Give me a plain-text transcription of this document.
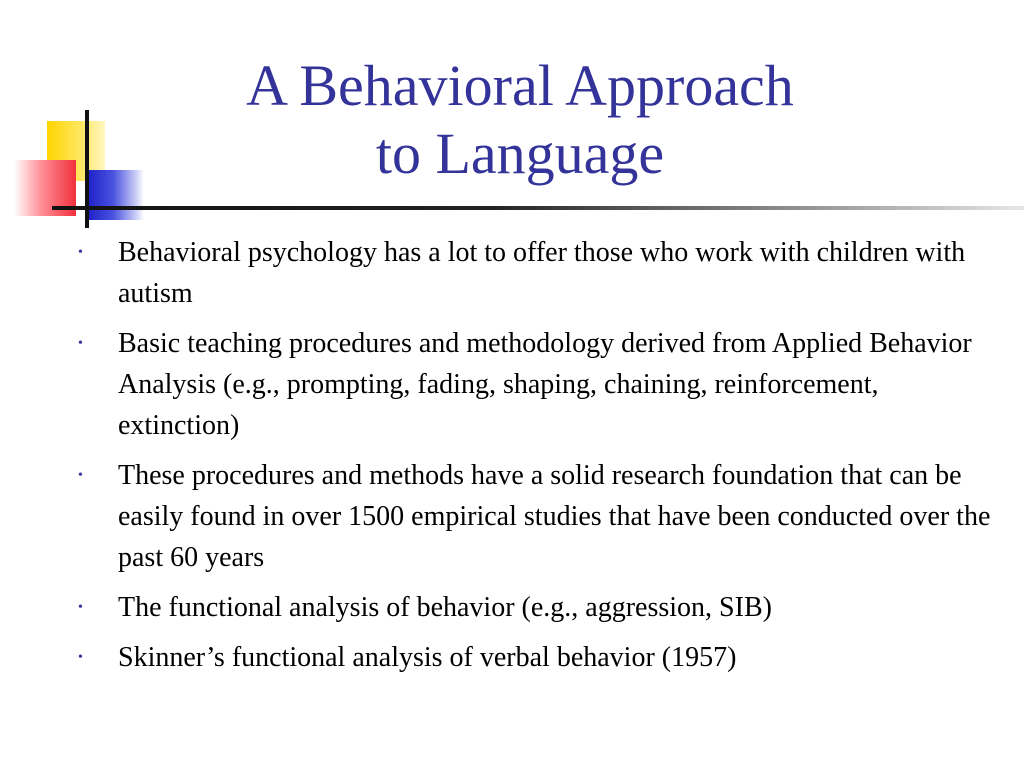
A Behavioral Approach
to Language
• Behavioral psychology has a lot to offer those who work with children with autism
• Basic teaching procedures and methodology derived from Applied Behavior Analysis (e.g., prompting, fading, shaping, chaining, reinforcement, extinction)
• These procedures and methods have a solid research foundation that can be easily found in over 1500 empirical studies that have been conducted over the past 60 years
• The functional analysis of behavior (e.g., aggression, SIB)
• Skinner’s functional analysis of verbal behavior (1957)
